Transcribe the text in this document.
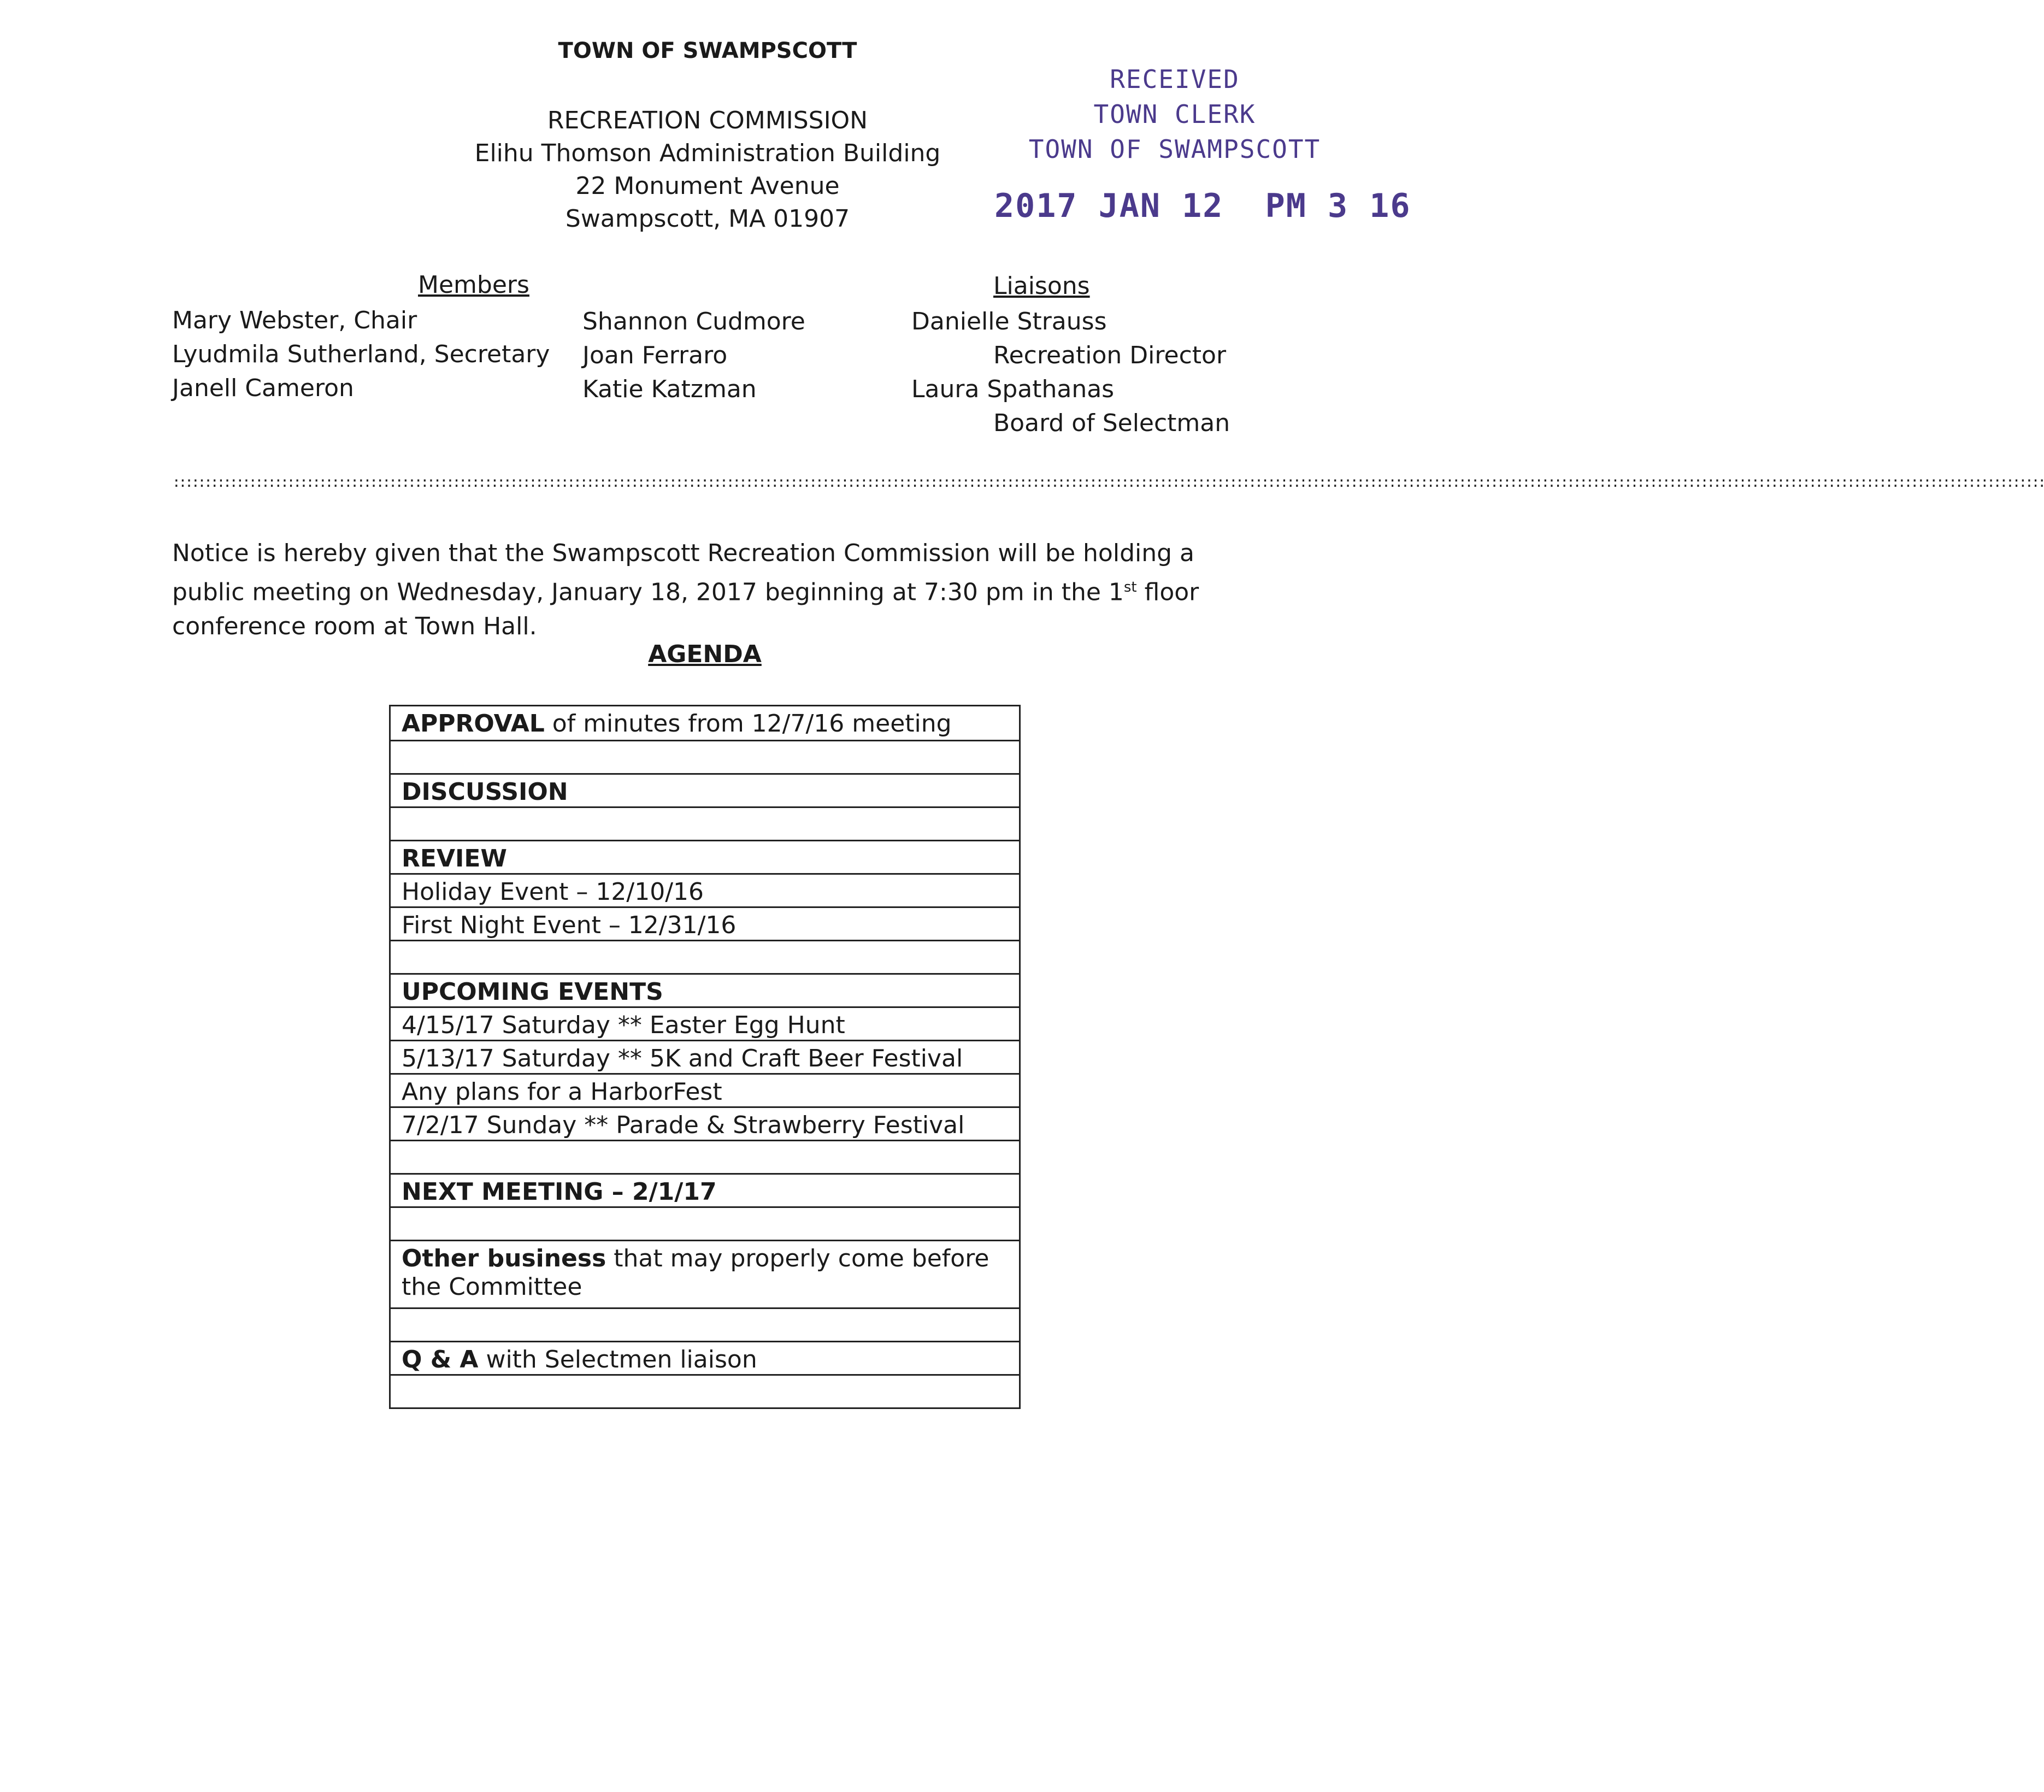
TOWN OF SWAMPSCOTT
RECREATION COMMISSION
Elihu Thomson Administration Building
22 Monument Avenue
Swampscott, MA 01907
RECEIVED
TOWN CLERK
TOWN OF SWAMPSCOTT
2017 JAN 12  PM 3 16
Members
Mary Webster, Chair
Lyudmila Sutherland, Secretary
Janell Cameron
Shannon Cudmore
Joan Ferraro
Katie Katzman
Liaisons
Danielle Strauss
Recreation Director
Laura Spathanas
Board of Selectman
::::::::::::::::::::::::::::::::::::::::::::::::::::::::::::::::::::::::::::::::::::::::::::::::::::::::::::::::::::::::::::::::::::::::::::::::::::::::::::::::::::::::::::::::::::::::::::::::::::::::::::::::::::::::::::::::::::::::::::::::::::::::::::::::::::::::::::::::::::::::::::::::::::::
Notice is hereby given that the Swampscott Recreation Commission will be holding a public meeting on Wednesday, January 18, 2017 beginning at 7:30 pm in the 1st floor conference room at Town Hall.
AGENDA
APPROVAL of minutes from 12/7/16 meeting
DISCUSSION
REVIEW
Holiday Event – 12/10/16
First Night Event – 12/31/16
UPCOMING EVENTS
4/15/17 Saturday ** Easter Egg Hunt
5/13/17 Saturday ** 5K and Craft Beer Festival
Any plans for a HarborFest
7/2/17 Sunday ** Parade & Strawberry Festival
NEXT MEETING – 2/1/17
Other business that may properly come before the Committee
Q & A with Selectmen liaison
